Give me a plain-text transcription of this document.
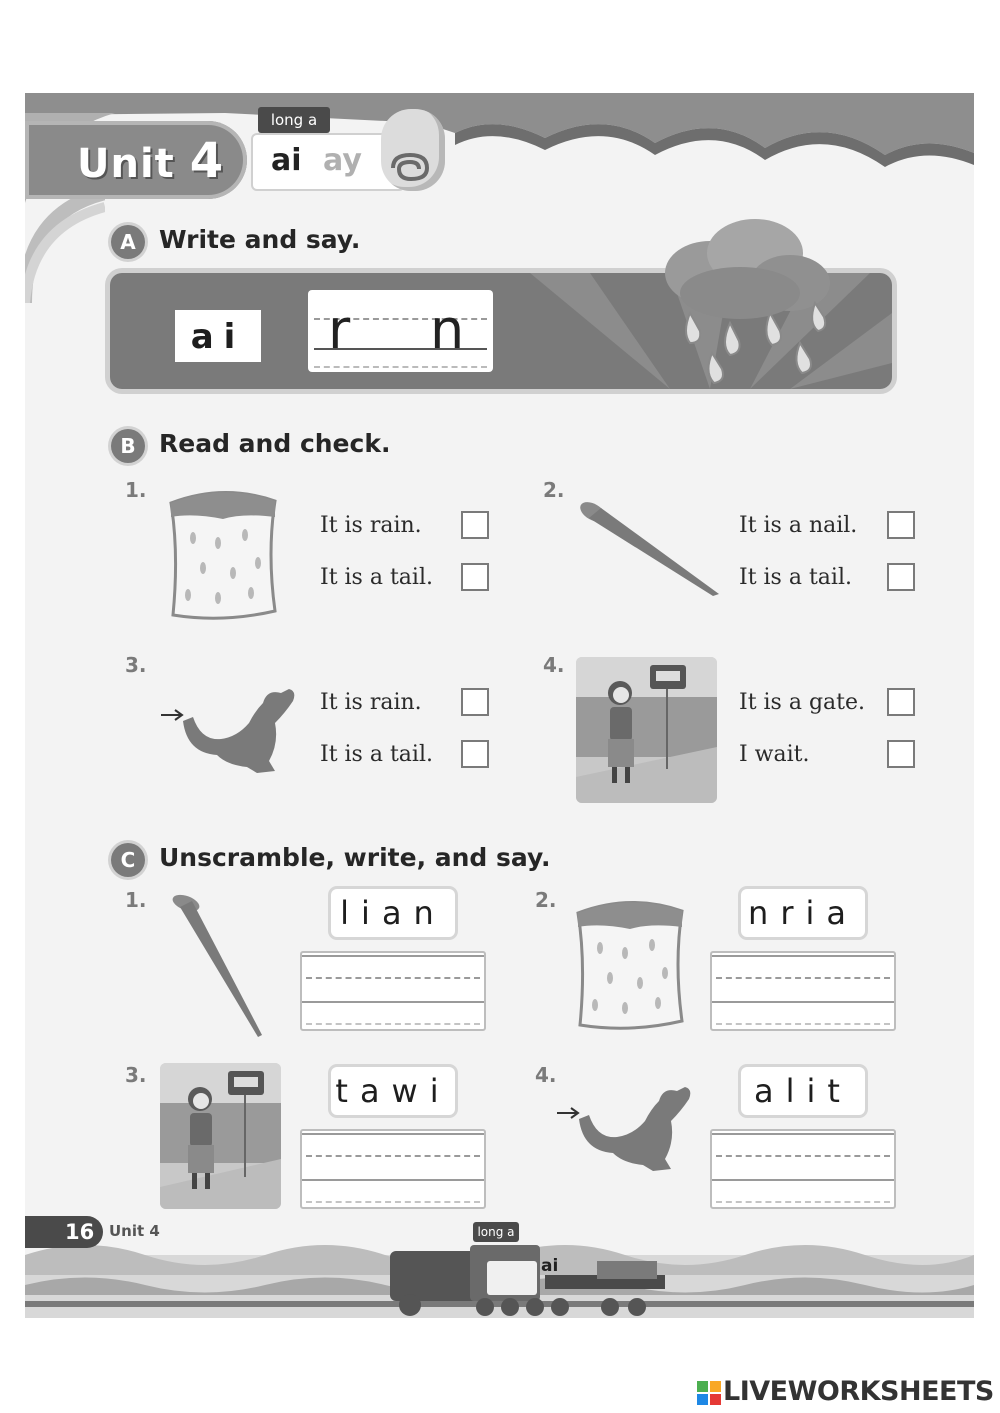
Unit 4
long a
ai ay
A Write and say.
ai r n
B Read and check.
1.
It is rain.
It is a tail.
2.
It is a nail.
It is a tail.
3.
It is rain.
It is a tail.
4.
It is a gate.
I wait.
C Unscramble, write, and say.
1.	lian	2.	nria
3.	tawi	4.	alit
16 Unit 4	long a
ai
LIVEWORKSHEETS
